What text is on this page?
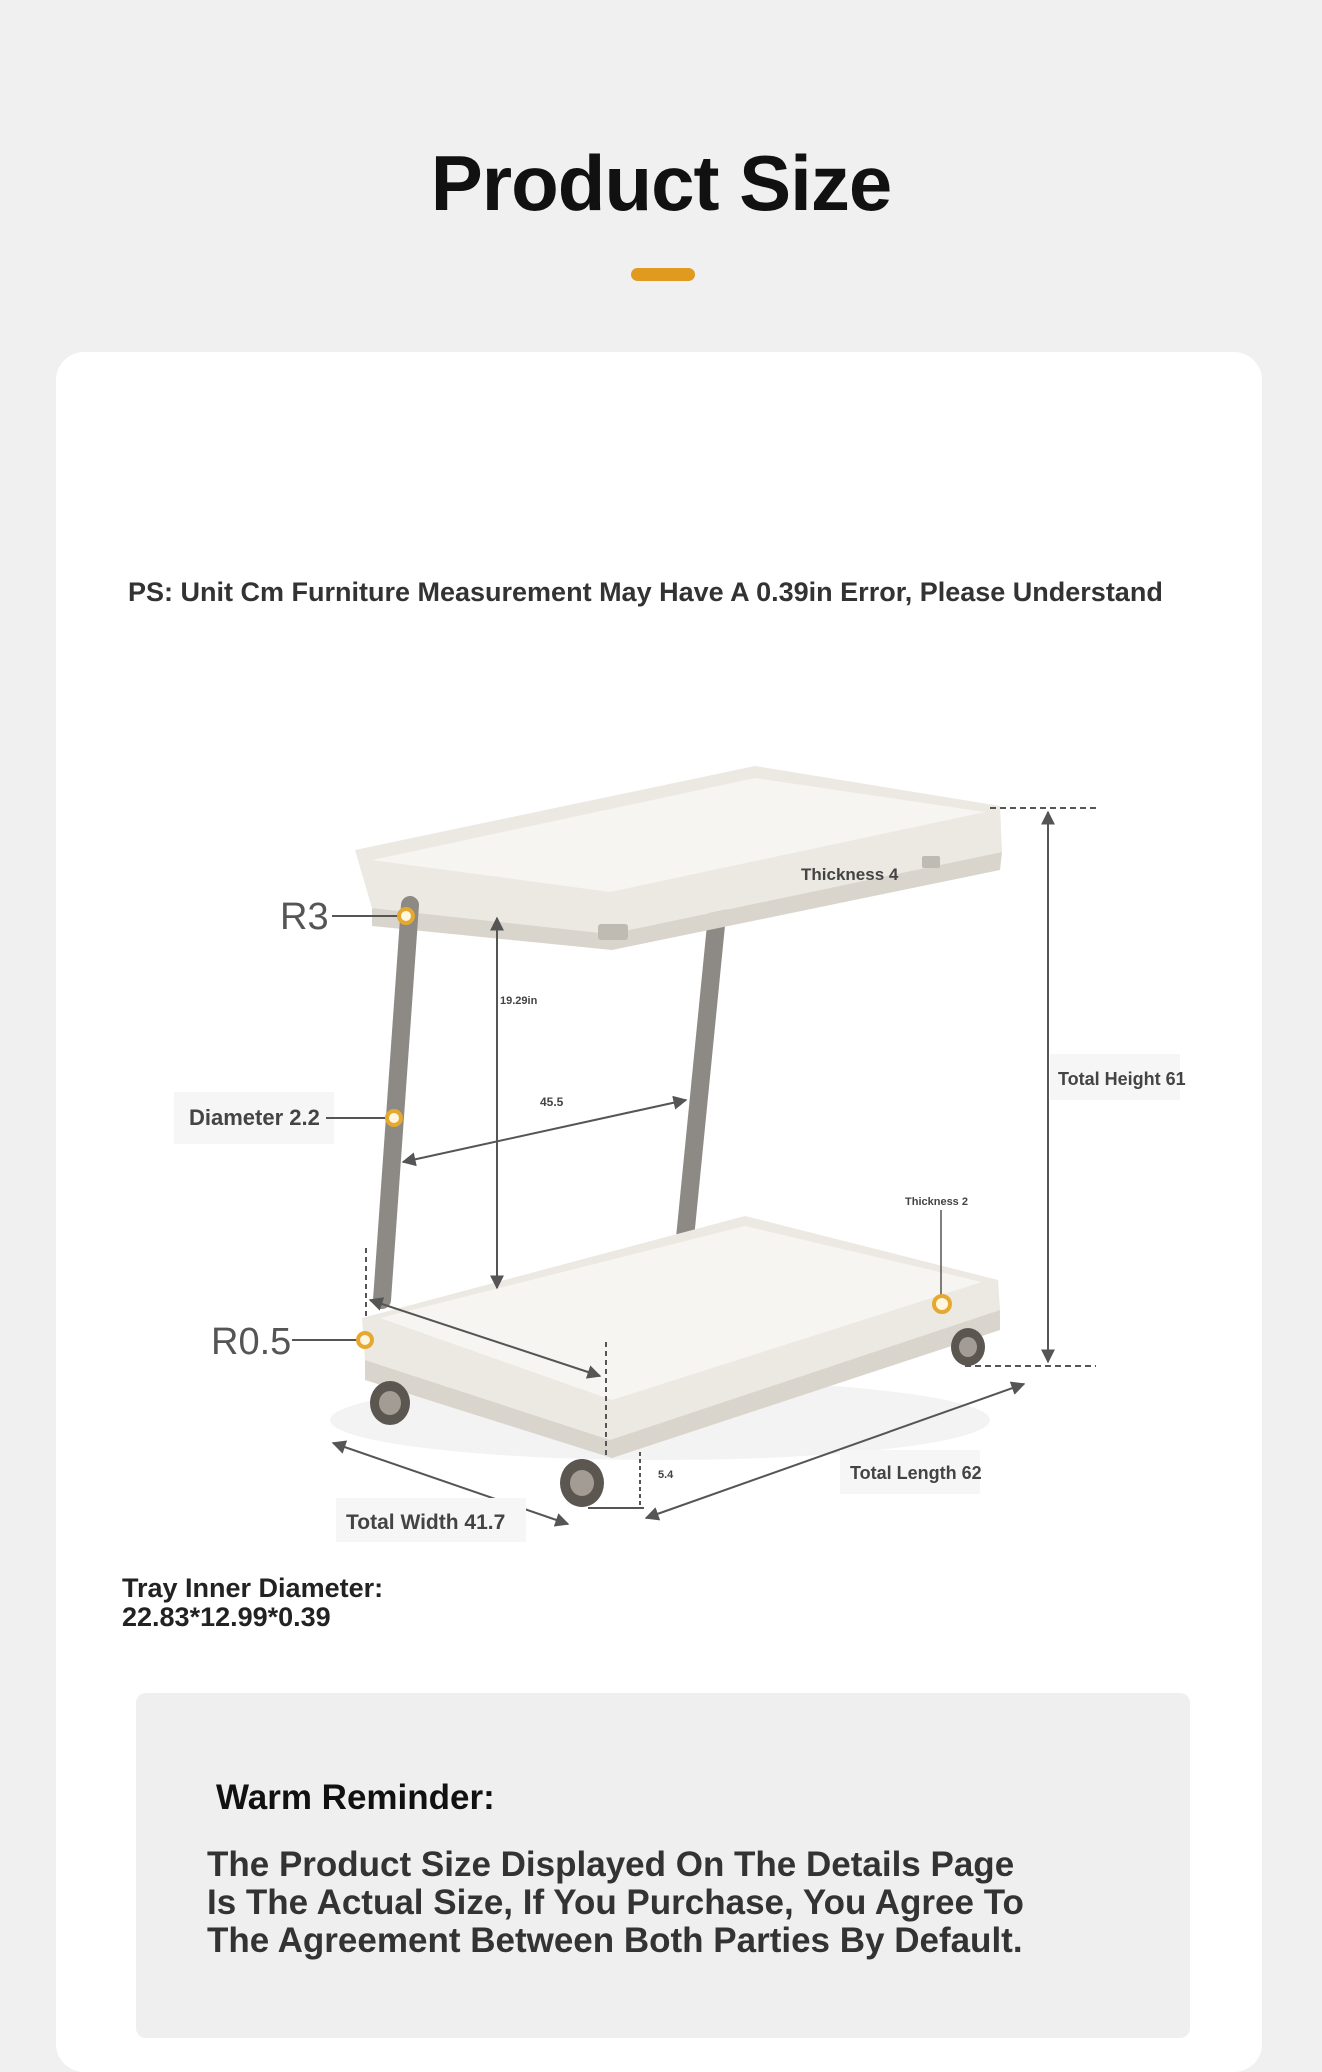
Product Size
PS: Unit Cm Furniture Measurement May Have A 0.39in Error, Please Understand
Total Height 61
19.29in
45.5
5.4	Total Length 62
Total Width 41.7
Thickness 4
Thickness 2
R3
R0.5
Diameter 2.2
Tray Inner Diameter:
22.83*12.99*0.39
Warm Reminder:
The Product Size Displayed On The Details Page
Is The Actual Size, If You Purchase, You Agree To
The Agreement Between Both Parties By Default.
